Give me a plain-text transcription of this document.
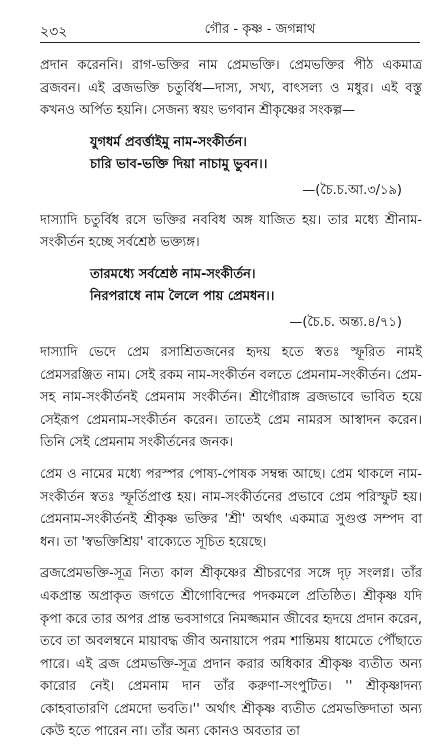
২৩২	গৌর - কৃষ্ণ - জগন্নাথ

প্রদান করেননি। রাগ-ভক্তির নাম প্রেমভক্তি। প্রেমভক্তির পীঠ একমাত্র ব্রজবন। এই ব্রজভক্তি চতুর্বিধ—দাস্য, সখ্য, বাৎসল্য ও মধুর। এই বস্তু কখনও অর্পিত হয়নি। সেজন্য স্বয়ং ভগবান শ্রীকৃষ্ণের সংকল্প—

যুগধর্ম প্রবর্ত্তাইমু নাম-সংকীর্তন।
চারি ভাব-ভক্তি দিয়া নাচামু ভুবন।।
—(চৈ.চ.আ.৩/১৯)

দাস্যাদি চতুর্বিধ রসে ভক্তির নববিধ অঙ্গ যাজিত হয়। তার মধ্যে শ্রীনাম-সংকীর্তন হচ্ছে সর্বশ্রেষ্ঠ ভক্ত্যঙ্গ।

তারমধ্যে সর্বশ্রেষ্ঠ নাম-সংকীর্তন।
নিরপরাধে নাম লৈলে পায় প্রেমধন।।
—(চৈ.চ. অন্ত্য.৪/৭১)

দাস্যাদি ভেদে প্রেম রসাশ্রিতজনের হৃদয় হতে স্বতঃ স্ফূরিত নামই প্রেমসরঞ্জিত নাম। সেই রকম নাম-সংকীর্তন বলতে প্রেমনাম-সংকীর্তন। প্রেম-সহ নাম-সংকীর্তনই প্রেমনাম সংকীর্তন। শ্রীগৌরাঙ্গ ব্রজভাবে ভাবিত হয়ে সেইরূপ প্রেমনাম-সংকীর্তন করেন। তাতেই প্রেম নামরস আস্বাদন করেন। তিনি সেই প্রেমনাম সংকীর্তনের জনক।

প্রেম ও নামের মধ্যে পরস্পর পোষ্য-পোষক সম্বন্ধ আছে। প্রেম থাকলে নাম-সংকীর্তন স্বতঃ স্ফূর্তিপ্রাপ্ত হয়। নাম-সংকীর্তনের প্রভাবে প্রেম পরিস্ফুট হয়। প্রেমনাম-সংকীর্তনই শ্রীকৃষ্ণ ভক্তির 'শ্রী' অর্থাৎ একমাত্র সুগুপ্ত সম্পদ বা ধন। তা 'স্বভক্তিশ্রিয়' বাক্যেতে সূচিত হয়েছে।

ব্রজপ্রেমভক্তি-সূত্র নিত্য কাল শ্রীকৃষ্ণের শ্রীচরণের সঙ্গে দৃঢ় সংলগ্ন। তাঁর একপ্রান্ত অপ্রাকৃত জগতে শ্রীগোবিন্দের পদকমলে প্রতিষ্ঠিত। শ্রীকৃষ্ণ যদি কৃপা করে তার অপর প্রান্ত ভবসাগরে নিমজ্জমান জীবের হৃদয়ে প্রদান করেন, তবে তা অবলম্বনে মায়াবদ্ধ জীব অনায়াসে পরম শান্তিময় ধামেতে পৌঁছাতে পারে। এই ব্রজ প্রেমভক্তি-সূত্র প্রদান করার অধিকার শ্রীকৃষ্ণ ব্যতীত অন্য কারোর নেই। প্রেমনাম দান তাঁর করুণা-সংপুটিত। '' শ্রীকৃষ্ণাদন্য কোহবাতারণি প্রেমদো ভবতি।'' অর্থাৎ শ্রীকৃষ্ণ ব্যতীত প্রেমভক্তিদাতা অন্য কেউ হতে পারেন না। তাঁর অন্য কোনও অবতার তা
